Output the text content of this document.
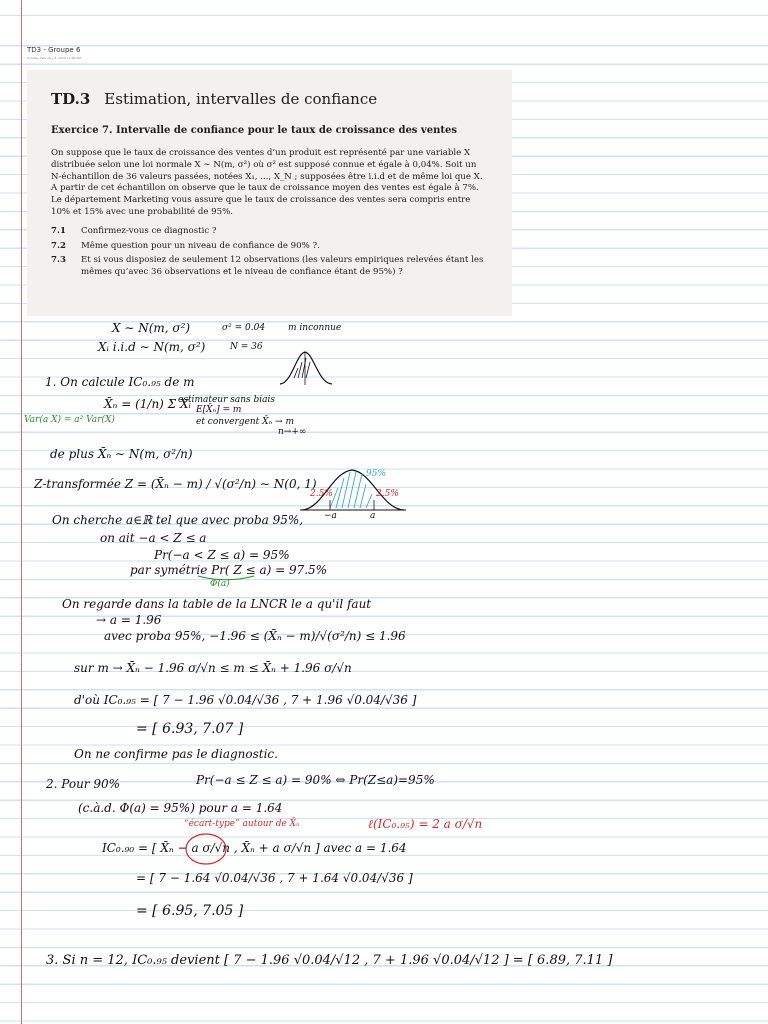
TD3 - Groupe 6
Sunday, February 9, 2020 10:49 AM
TD.3 Estimation, intervalles de confiance
Exercice 7. Intervalle de confiance pour le taux de croissance des ventes
On suppose que le taux de croissance des ventes d’un produit est représenté par une variable X distribuée selon une loi normale X ∼ N(m, σ²) où σ² est supposé connue et égale à 0,04%. Soit un N-échantillon de 36 valeurs passées, notées X₁, ..., X_N ; supposées être i.i.d et de même loi que X. A partir de cet échantillon on observe que le taux de croissance moyen des ventes est égale à 7%. Le département Marketing vous assure que le taux de croissance des ventes sera compris entre 10% et 15% avec une probabilité de 95%.
7.1	Confirmez-vous ce diagnostic ?
7.2	Même question pour un niveau de confiance de 90% ?.
7.3	Et si vous disposiez de seulement 12 observations (les valeurs empiriques relevées étant les mêmes qu’avec 36 observations et le niveau de confiance étant de 95%) ?
X ∼ N(m, σ²)	σ² = 0.04	m inconnue
Xᵢ i.i.d ∼ N(m, σ²)	N = 36
1. On calcule IC₀.₉₅ de m
X̄ₙ = (1/n) Σ Xᵢ
estimateur sans biais
E[X̄ₙ] = m
et convergent X̄ₙ → m
n→+∞
Var(a X) = a² Var(X)
de plus X̄ₙ ∼ N(m, σ²/n)
Z-transformée Z = (X̄ₙ − m) / √(σ²/n) ∼ N(0, 1)
95%
2.5%	2.5%
−a	a
On cherche a∈ℝ tel que avec proba 95%,
on ait −a < Z ≤ a
Pr(−a < Z ≤ a) = 95%
par symétrie Pr( Z ≤ a) = 97.5%
Φ(a)
On regarde dans la table de la LNCR le a qu'il faut
→ a = 1.96
avec proba 95%, −1.96 ≤ (X̄ₙ − m)/√(σ²/n) ≤ 1.96
sur m → X̄ₙ − 1.96 σ/√n ≤ m ≤ X̄ₙ + 1.96 σ/√n
d'où IC₀.₉₅ = [ 7 − 1.96 √0.04/√36 , 7 + 1.96 √0.04/√36 ]
= [ 6.93, 7.07 ]
On ne confirme pas le diagnostic.
2. Pour 90%	Pr(−a ≤ Z ≤ a) = 90% ⇔ Pr(Z≤a)=95%
(c.à.d. Φ(a) = 95%) pour a = 1.64
“écart-type” autour de X̄ₙ	ℓ(IC₀.₉₅) = 2 a σ/√n
IC₀.₉₀ = [ X̄ₙ − a σ/√n , X̄ₙ + a σ/√n ] avec a = 1.64
= [ 7 − 1.64 √0.04/√36 , 7 + 1.64 √0.04/√36 ]
= [ 6.95, 7.05 ]
3. Si n = 12, IC₀.₉₅ devient [ 7 − 1.96 √0.04/√12 , 7 + 1.96 √0.04/√12 ] = [ 6.89, 7.11 ]
